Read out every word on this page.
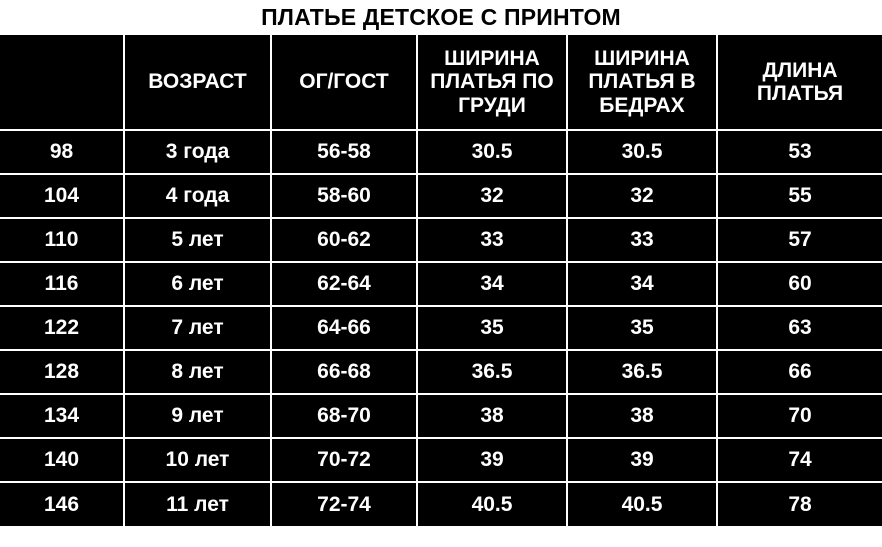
ПЛАТЬЕ ДЕТСКОЕ С ПРИНТОМ
	ВОЗРАСТ	ОГ/ГОСТ	ШИРИНА ПЛАТЬЯ ПО ГРУДИ	ШИРИНА ПЛАТЬЯ В БЕДРАХ	ДЛИНА ПЛАТЬЯ
98	3 года	56-58	30.5	30.5	53
104	4 года	58-60	32	32	55
110	5 лет	60-62	33	33	57
116	6 лет	62-64	34	34	60
122	7 лет	64-66	35	35	63
128	8 лет	66-68	36.5	36.5	66
134	9 лет	68-70	38	38	70
140	10 лет	70-72	39	39	74
146	11 лет	72-74	40.5	40.5	78
